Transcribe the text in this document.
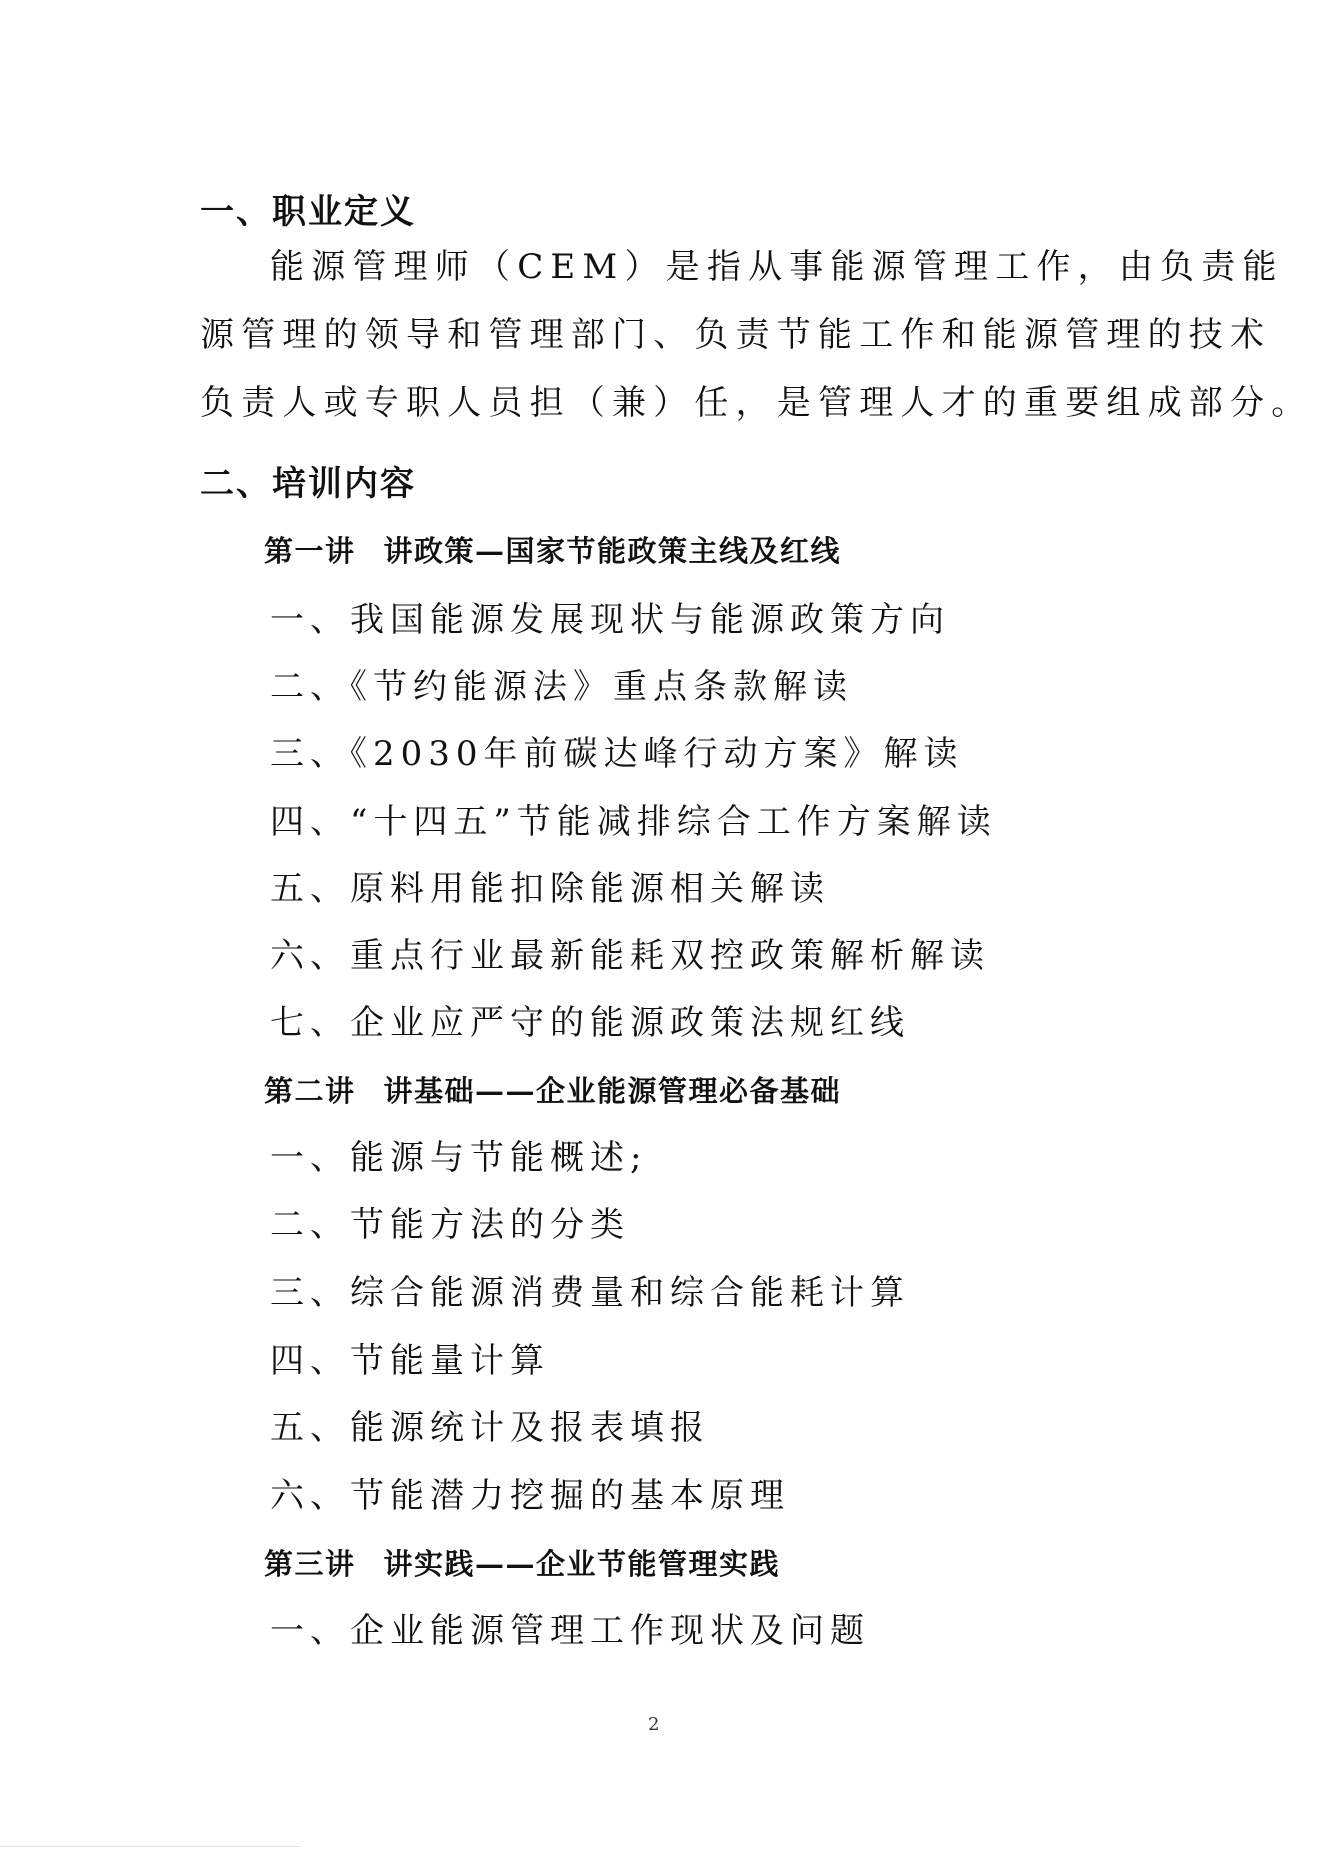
一、职业定义
能源管理师（CEM）是指从事能源管理工作，由负责能
源管理的领导和管理部门、负责节能工作和能源管理的技术
负责人或专职人员担（兼）任，是管理人才的重要组成部分。
二、培训内容
第一讲 讲政策—国家节能政策主线及红线
一、我国能源发展现状与能源政策方向
二、《节约能源法》重点条款解读
三、《2030年前碳达峰行动方案》解读
四、“十四五”节能减排综合工作方案解读
五、原料用能扣除能源相关解读
六、重点行业最新能耗双控政策解析解读
七、企业应严守的能源政策法规红线
第二讲 讲基础——企业能源管理必备基础
一、能源与节能概述;
二、节能方法的分类
三、综合能源消费量和综合能耗计算
四、节能量计算
五、能源统计及报表填报
六、节能潜力挖掘的基本原理
第三讲 讲实践——企业节能管理实践
一、企业能源管理工作现状及问题
2
